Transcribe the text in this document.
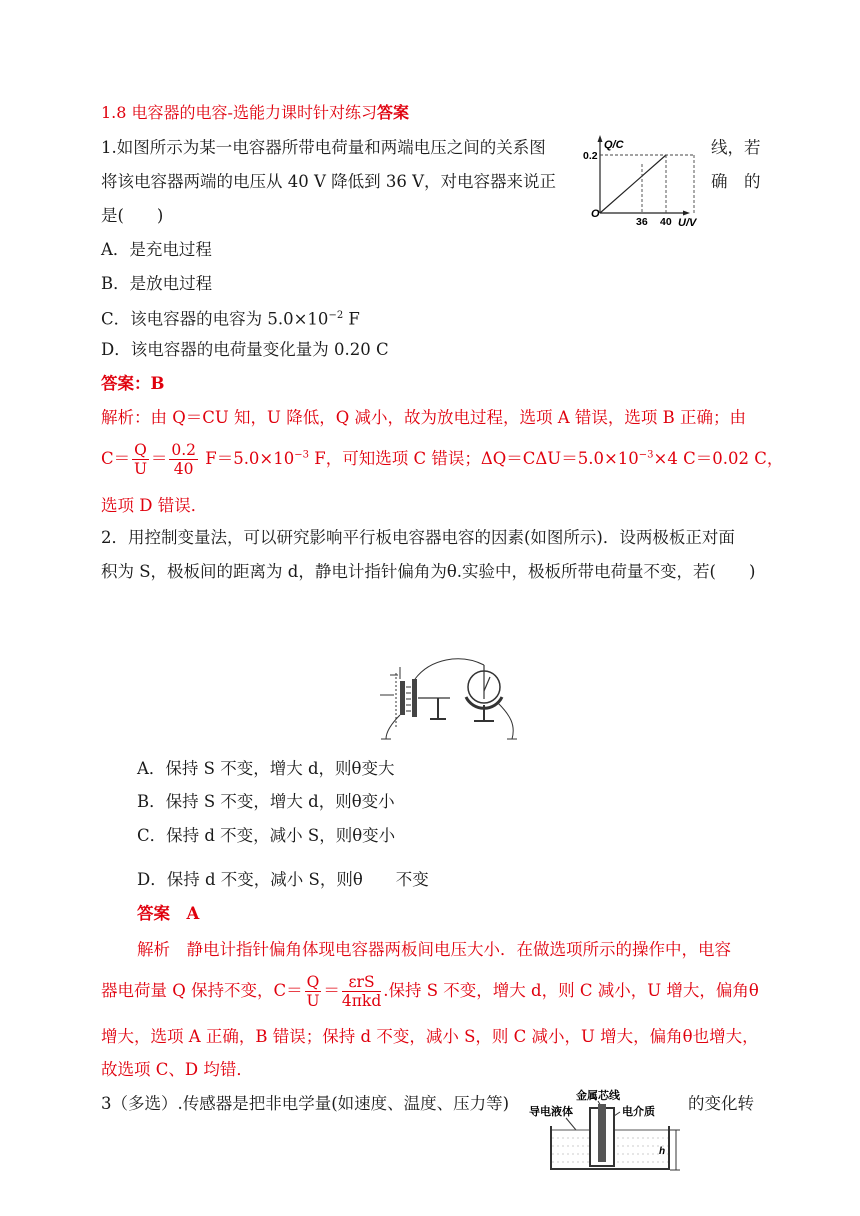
1.8 电容器的电容-选能力课时针对练习答案
1.如图所示为某一电容器所带电荷量和两端电压之间的关系图	线，若
将该电容器两端的电压从 40 V 降低到 36 V，对电容器来说正	确　的
是(　　)
Q/C
0.2
O
36 40 U/V
A．是充电过程
B．是放电过程
C．该电容器的电容为 $5.0\times 10^{-2}$ F
D．该电容器的电荷量变化量为 0.20 C
答案：B
解析：由 Q＝CU 知，U 降低，Q 减小，故为放电过程，选项 A 错误，选项 B 正确；由
$C= \frac{Q}{U} = \frac{0.2}{40} F=5.0\times 10^{-3}$ F，可知选项 C 错误；$\Delta Q=C\Delta U=5.0\times 10^{-3}\times 4$ C＝0.02 C，
选项 D 错误．
2．用控制变量法，可以研究影响平行板电容器电容的因素(如图所示)．设两极板正对面
积为 S，极板间的距离为 d，静电计指针偏角为θ.实验中，极板所带电荷量不变，若(　　)
A．保持 S 不变，增大 d，则θ变大
B．保持 S 不变，增大 d，则θ变小
C．保持 d 不变，减小 S，则θ变小
D．保持 d 不变，减小 S，则θ　　不变
答案　A
解析　静电计指针偏角体现电容器两板间电压大小．在做选项所示的操作中，电容
器电荷量 Q 保持不变，$C= \frac{Q}{U} = \frac{\text{εrS}}{\text{4πkd}}$ .保持 S 不变，增大 d，则 C 减小，U 增大，偏角θ
增大，选项 A 正确，B 错误；保持 d 不变，减小 S，则 C 减小，U 增大，偏角θ也增大，
故选项 C、D 均错．
3（多选）.传感器是把非电学量(如速度、温度、压力等)	的变化转
金属芯线
导电液体	电介质
h
